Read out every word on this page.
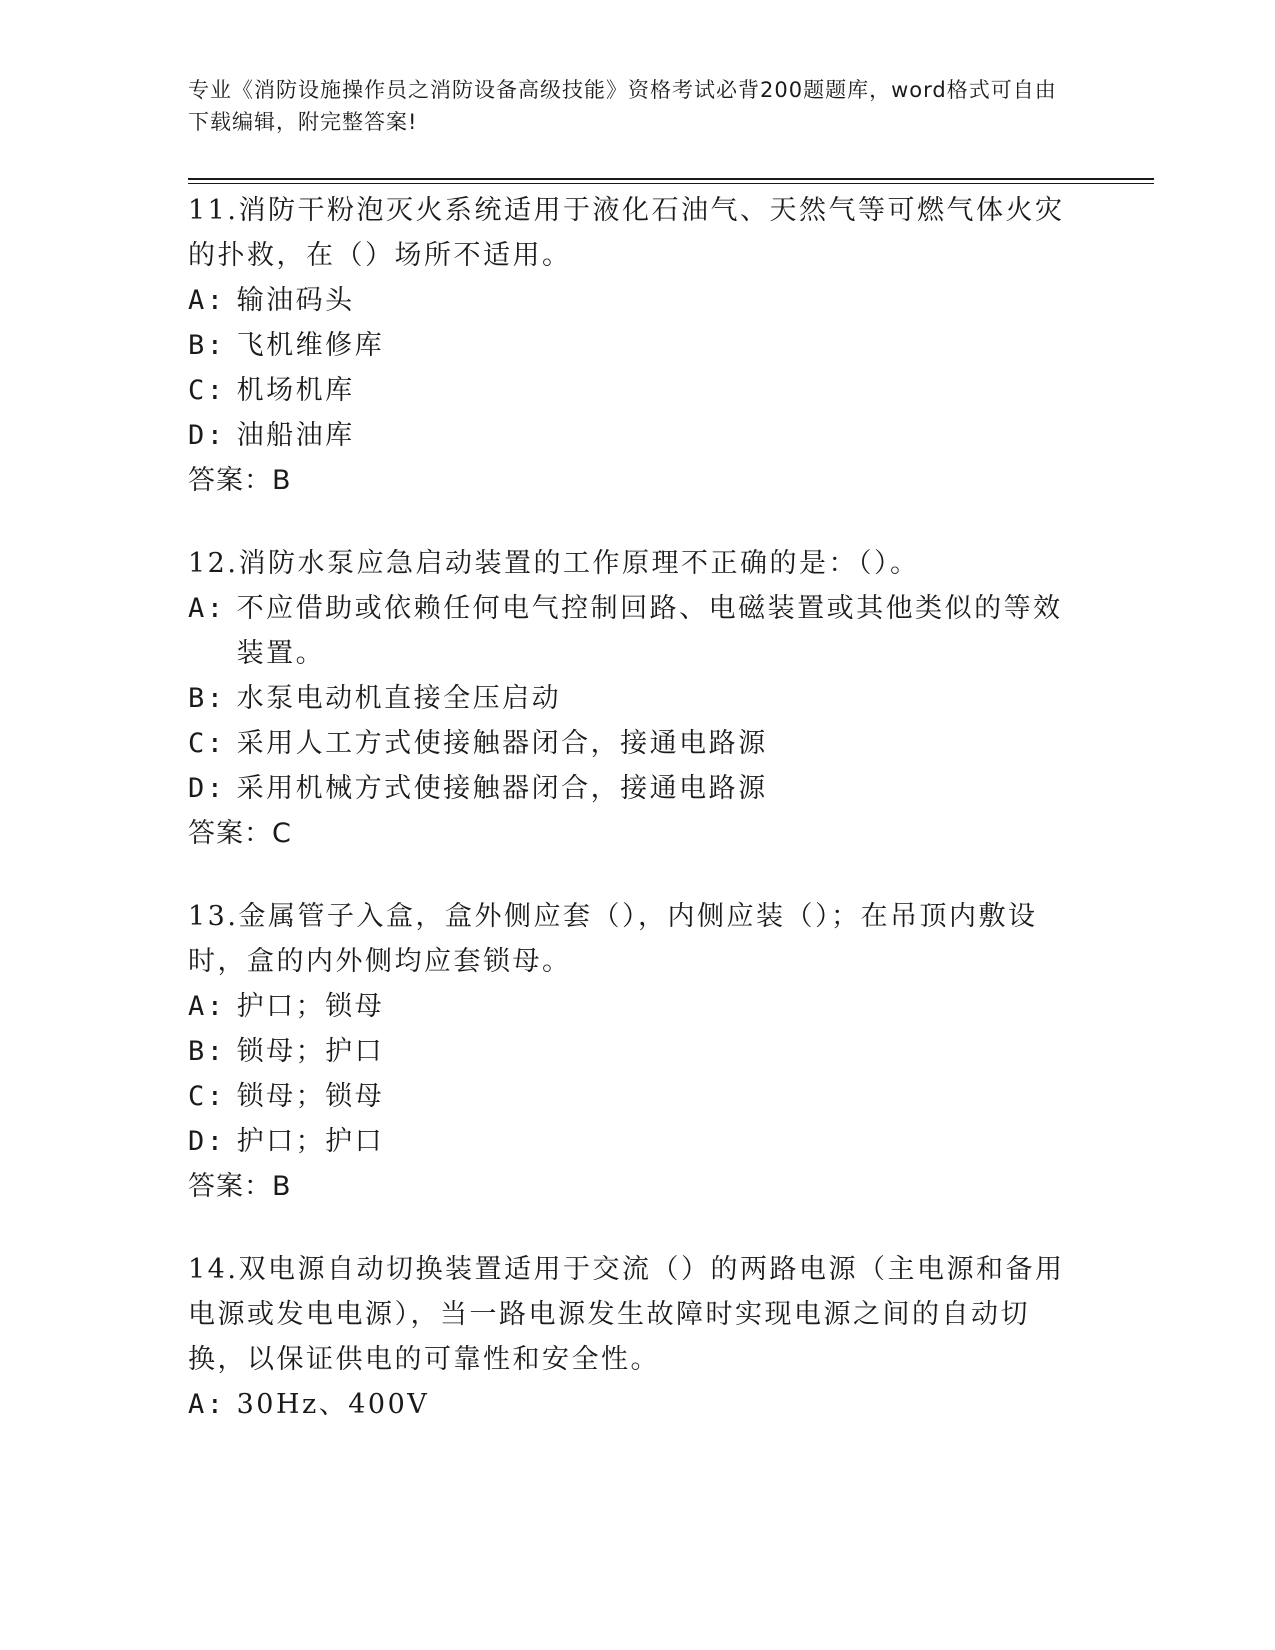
专业《消防设施操作员之消防设备高级技能》资格考试必背200题题库，word格式可自由下载编辑，附完整答案!
11.消防干粉泡灭火系统适用于液化石油气、天然气等可燃气体火灾的扑救，在（）场所不适用。
A:
输油码头
B:
飞机维修库
C:
机场机库
D:
油船油库
答案：B
12.消防水泵应急启动装置的工作原理不正确的是：（）。
A:
不应借助或依赖任何电气控制回路、电磁装置或其他类似的等效装置。
B:
水泵电动机直接全压启动
C:
采用人工方式使接触器闭合，接通电路源
D:
采用机械方式使接触器闭合，接通电路源
答案：C
13.金属管子入盒，盒外侧应套（），内侧应装（）；在吊顶内敷设时，盒的内外侧均应套锁母。
A:
护口；锁母
B:
锁母；护口
C:
锁母；锁母
D:
护口；护口
答案：B
14.双电源自动切换装置适用于交流（）的两路电源（主电源和备用电源或发电电源），当一路电源发生故障时实现电源之间的自动切换，以保证供电的可靠性和安全性。
A:
30Hz、400V
